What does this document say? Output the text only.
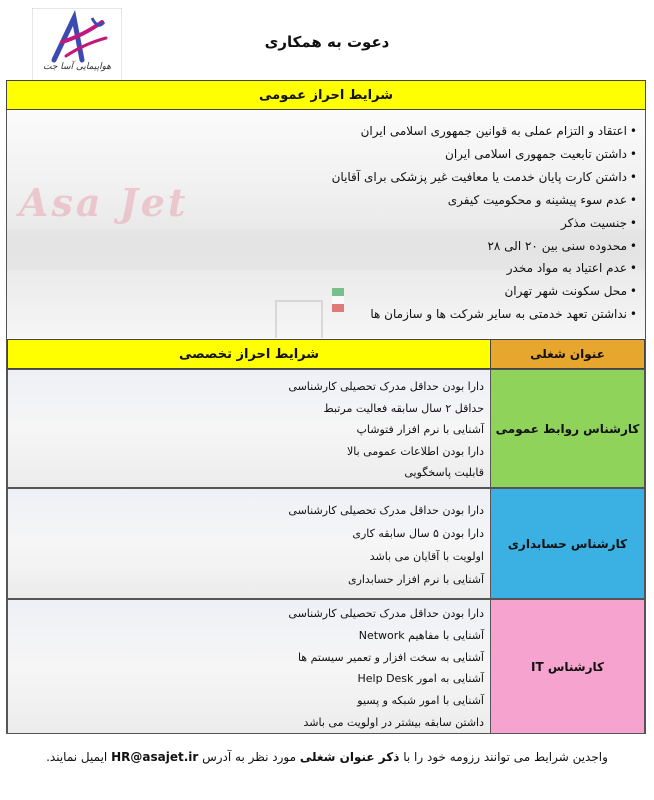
هواپیمایی آسا جت
دعوت به همکاری
شرایط احراز عمومی
Asa Jet
• اعتقاد و التزام عملی به قوانین جمهوری اسلامی ایران
• داشتن تابعیت جمهوری اسلامی ایران
• داشتن کارت پایان خدمت یا معافیت غیر پزشکی برای آقایان
• عدم سوء پیشینه و محکومیت کیفری
• جنسیت مذکر
• محدوده سنی بین ۲۰ الی ۲۸
• عدم اعتیاد به مواد مخدر
• محل سکونت شهر تهران
• نداشتن تعهد خدمتی به سایر شرکت ها و سازمان ها
شرایط احراز تخصصی	عنوان شغلی
دارا بودن حداقل مدرک تحصیلی کارشناسی
حداقل ۲ سال سابقه فعالیت مرتبط
آشنایی با نرم افزار فتوشاپ
دارا بودن اطلاعات عمومی بالا
قابلیت پاسخگویی
کارشناس روابط عمومی
دارا بودن حداقل مدرک تحصیلی کارشناسی
دارا بودن ۵ سال سابقه کاری
اولویت با آقایان می باشد
آشنایی با نرم افزار حسابداری
کارشناس حسابداری
دارا بودن حداقل مدرک تحصیلی کارشناسی
آشنایی با مفاهیم Network
آشنایی به سخت افزار و تعمیر سیستم ها
آشنایی به امور Help Desk
آشنایی با امور شبکه و پسیو
داشتن سابقه بیشتر در اولویت می باشد
کارشناس IT
واجدین شرایط می توانند رزومه خود را با ذکر عنوان شغلی مورد نظر به آدرس HR@asajet.ir ایمیل نمایند.
